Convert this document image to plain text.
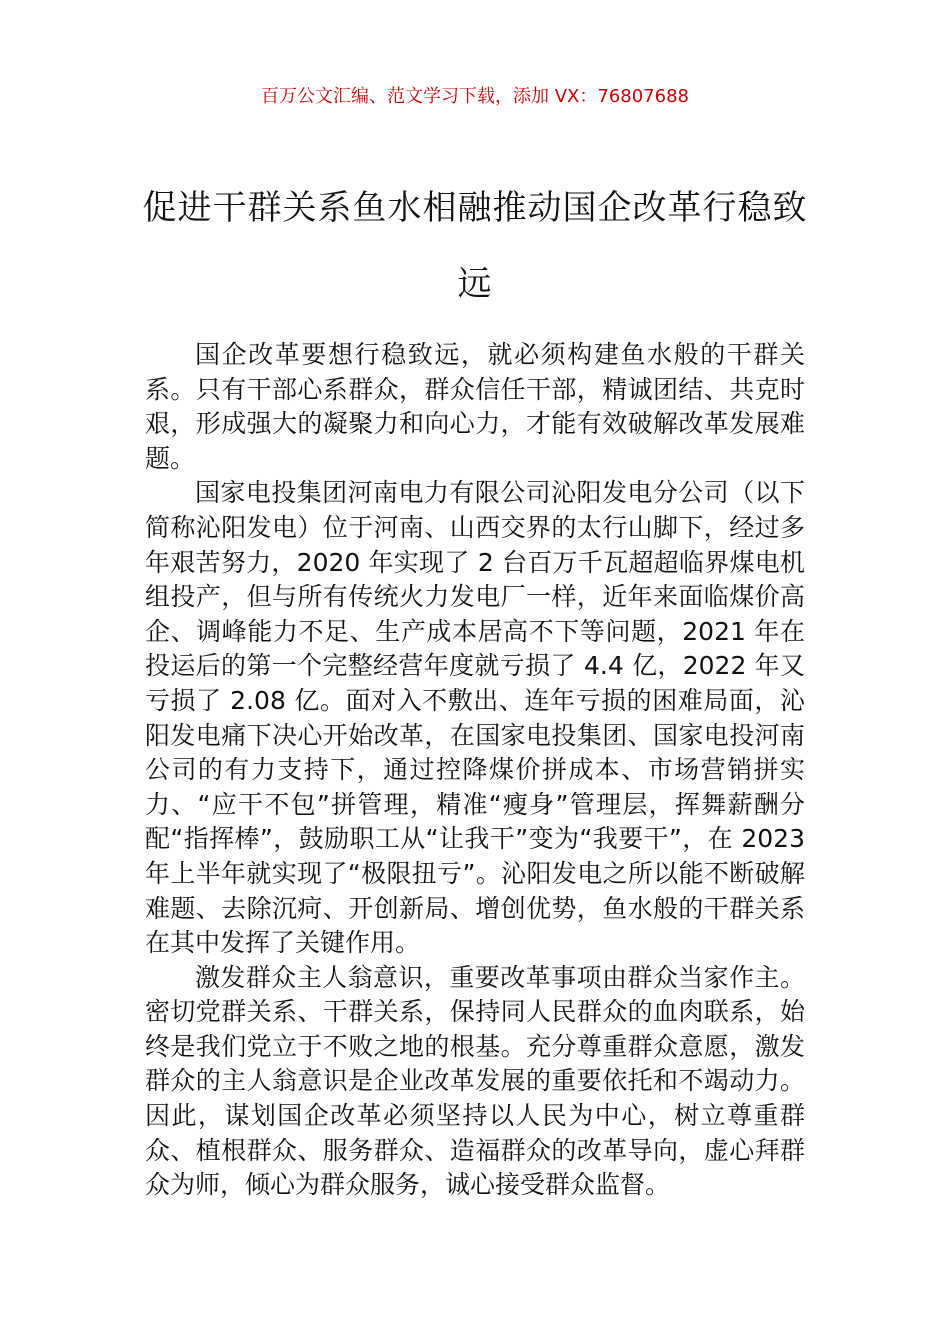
百万公文汇编、范文学习下载，添加 VX：76807688
促进干群关系鱼水相融推动国企改革行稳致远

国企改革要想行稳致远，就必须构建鱼水般的干群关系。只有干部心系群众，群众信任干部，精诚团结、共克时艰，形成强大的凝聚力和向心力，才能有效破解改革发展难题。

国家电投集团河南电力有限公司沁阳发电分公司（以下简称沁阳发电）位于河南、山西交界的太行山脚下，经过多年艰苦努力，2020 年实现了 2 台百万千瓦超超临界煤电机组投产，但与所有传统火力发电厂一样，近年来面临煤价高企、调峰能力不足、生产成本居高不下等问题，2021 年在投运后的第一个完整经营年度就亏损了 4.4 亿，2022 年又亏损了 2.08 亿。面对入不敷出、连年亏损的困难局面，沁阳发电痛下决心开始改革，在国家电投集团、国家电投河南公司的有力支持下，通过控降煤价拼成本、市场营销拼实力、“应干不包”拼管理，精准“瘦身”管理层，挥舞薪酬分配“指挥棒”，鼓励职工从“让我干”变为“我要干”，在 2023 年上半年就实现了“极限扭亏”。沁阳发电之所以能不断破解难题、去除沉疴、开创新局、增创优势，鱼水般的干群关系在其中发挥了关键作用。

激发群众主人翁意识，重要改革事项由群众当家作主。密切党群关系、干群关系，保持同人民群众的血肉联系，始终是我们党立于不败之地的根基。充分尊重群众意愿，激发群众的主人翁意识是企业改革发展的重要依托和不竭动力。因此，谋划国企改革必须坚持以人民为中心，树立尊重群众、植根群众、服务群众、造福群众的改革导向，虚心拜群众为师，倾心为群众服务，诚心接受群众监督。
